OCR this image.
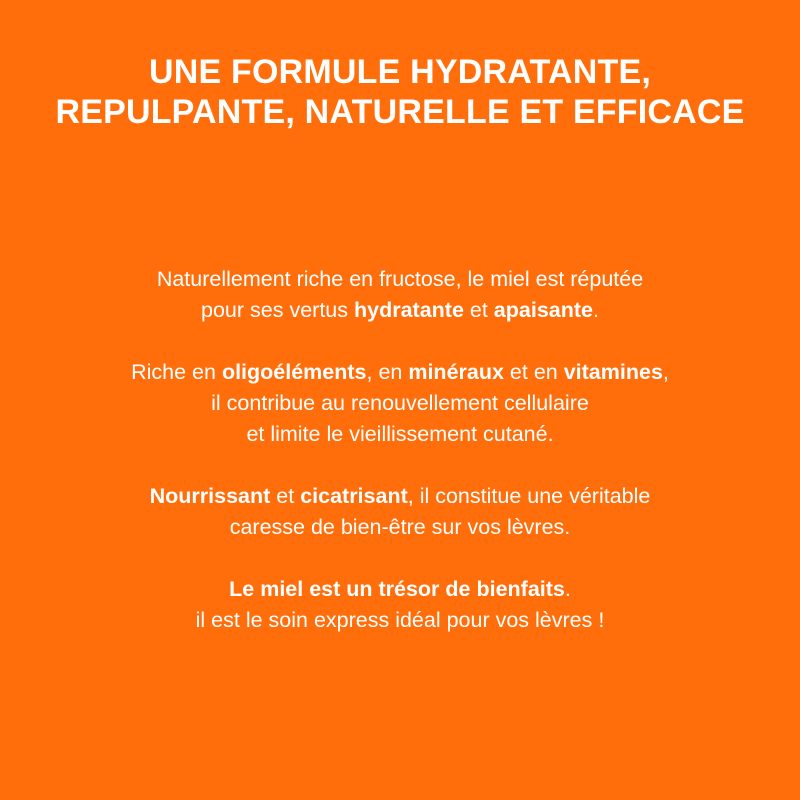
UNE FORMULE HYDRATANTE,
REPULPANTE, NATURELLE ET EFFICACE

Naturellement riche en fructose, le miel est réputée
pour ses vertus hydratante et apaisante.

Riche en oligoéléments, en minéraux et en vitamines,
il contribue au renouvellement cellulaire
et limite le vieillissement cutané.

Nourrissant et cicatrisant, il constitue une véritable
caresse de bien-être sur vos lèvres.

Le miel est un trésor de bienfaits.
il est le soin express idéal pour vos lèvres !
